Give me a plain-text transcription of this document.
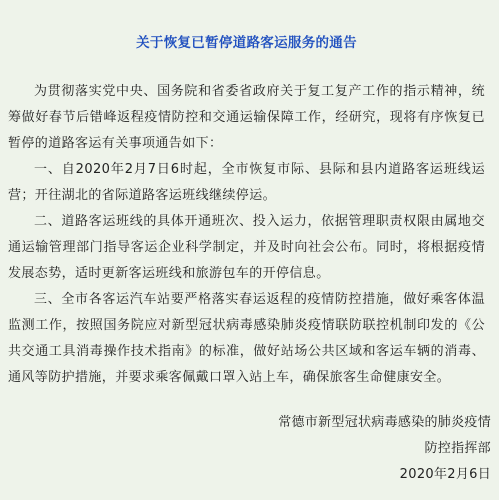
关于恢复已暂停道路客运服务的通告

为贯彻落实党中央、国务院和省委省政府关于复工复产工作的指示精神，统筹做好春节后错峰返程疫情防控和交通运输保障工作，经研究，现将有序恢复已暂停的道路客运有关事项通告如下：

一、自2020年2月7日6时起，全市恢复市际、县际和县内道路客运班线运营；开往湖北的省际道路客运班线继续停运。

二、道路客运班线的具体开通班次、投入运力，依据管理职责权限由属地交通运输管理部门指导客运企业科学制定，并及时向社会公布。同时，将根据疫情发展态势，适时更新客运班线和旅游包车的开停信息。

三、全市各客运汽车站要严格落实春运返程的疫情防控措施，做好乘客体温监测工作，按照国务院应对新型冠状病毒感染肺炎疫情联防联控机制印发的《公共交通工具消毒操作技术指南》的标准，做好站场公共区域和客运车辆的消毒、通风等防护措施，并要求乘客佩戴口罩入站上车，确保旅客生命健康安全。

常德市新型冠状病毒感染的肺炎疫情
防控指挥部
2020年2月6日
